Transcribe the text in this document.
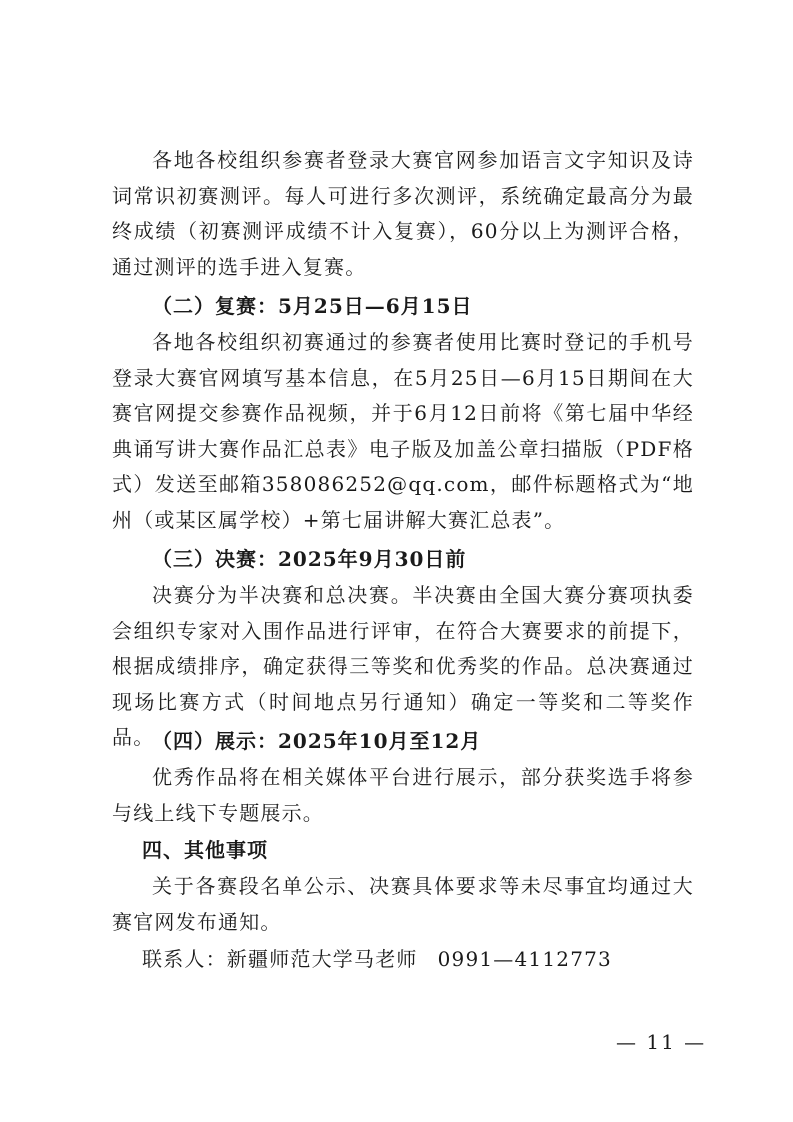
各地各校组织参赛者登录大赛官网参加语言文字知识及诗词常识初赛测评。每人可进行多次测评，系统确定最高分为最终成绩（初赛测评成绩不计入复赛），60分以上为测评合格，通过测评的选手进入复赛。

（二）复赛：5月25日—6月15日

各地各校组织初赛通过的参赛者使用比赛时登记的手机号登录大赛官网填写基本信息，在5月25日—6月15日期间在大赛官网提交参赛作品视频，并于6月12日前将《第七届中华经典诵写讲大赛作品汇总表》电子版及加盖公章扫描版（PDF格式）发送至邮箱358086252@qq.com，邮件标题格式为“地州（或某区属学校）+第七届讲解大赛汇总表”。

（三）决赛：2025年9月30日前

决赛分为半决赛和总决赛。半决赛由全国大赛分赛项执委会组织专家对入围作品进行评审，在符合大赛要求的前提下，根据成绩排序，确定获得三等奖和优秀奖的作品。总决赛通过现场比赛方式（时间地点另行通知）确定一等奖和二等奖作品。

（四）展示：2025年10月至12月

优秀作品将在相关媒体平台进行展示，部分获奖选手将参与线上线下专题展示。

四、其他事项

关于各赛段名单公示、决赛具体要求等未尽事宜均通过大赛官网发布通知。

联系人：新疆师范大学马老师 0991—4112773

— 11 —
